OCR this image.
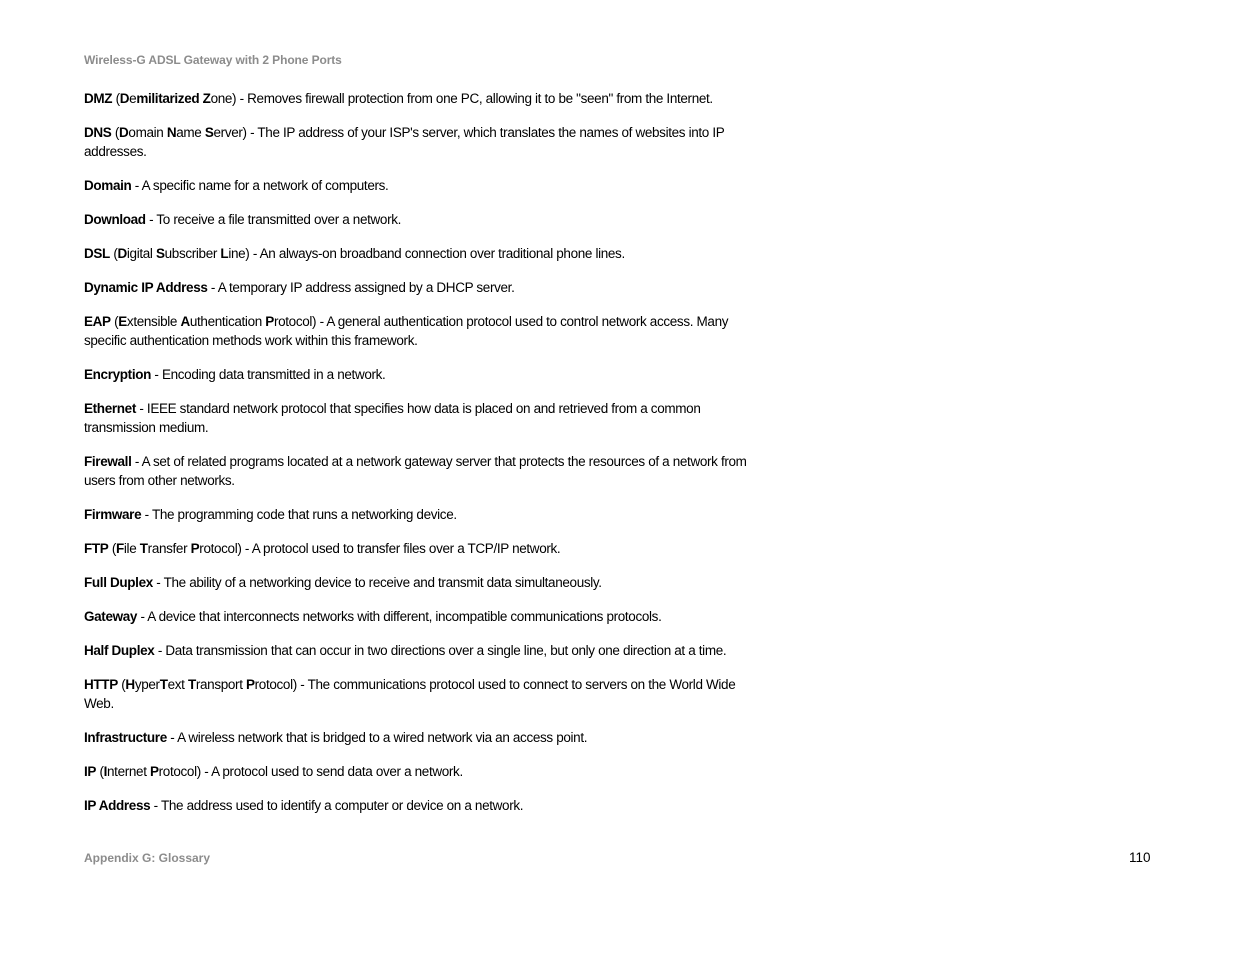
Wireless-G ADSL Gateway with 2 Phone Ports
DMZ (Demilitarized Zone) - Removes firewall protection from one PC, allowing it to be "seen" from the Internet.
DNS (Domain Name Server) - The IP address of your ISP's server, which translates the names of websites into IP addresses.
Domain - A specific name for a network of computers.
Download - To receive a file transmitted over a network.
DSL (Digital Subscriber Line) - An always-on broadband connection over traditional phone lines.
Dynamic IP Address - A temporary IP address assigned by a DHCP server.
EAP (Extensible Authentication Protocol) - A general authentication protocol used to control network access. Many specific authentication methods work within this framework.
Encryption - Encoding data transmitted in a network.
Ethernet - IEEE standard network protocol that specifies how data is placed on and retrieved from a common transmission medium.
Firewall - A set of related programs located at a network gateway server that protects the resources of a network from users from other networks.
Firmware - The programming code that runs a networking device.
FTP (File Transfer Protocol) - A protocol used to transfer files over a TCP/IP network.
Full Duplex - The ability of a networking device to receive and transmit data simultaneously.
Gateway - A device that interconnects networks with different, incompatible communications protocols.
Half Duplex - Data transmission that can occur in two directions over a single line, but only one direction at a time.
HTTP (HyperText Transport Protocol) - The communications protocol used to connect to servers on the World Wide Web.
Infrastructure - A wireless network that is bridged to a wired network via an access point.
IP (Internet Protocol) - A protocol used to send data over a network.
IP Address - The address used to identify a computer or device on a network.
Appendix G: Glossary	110
